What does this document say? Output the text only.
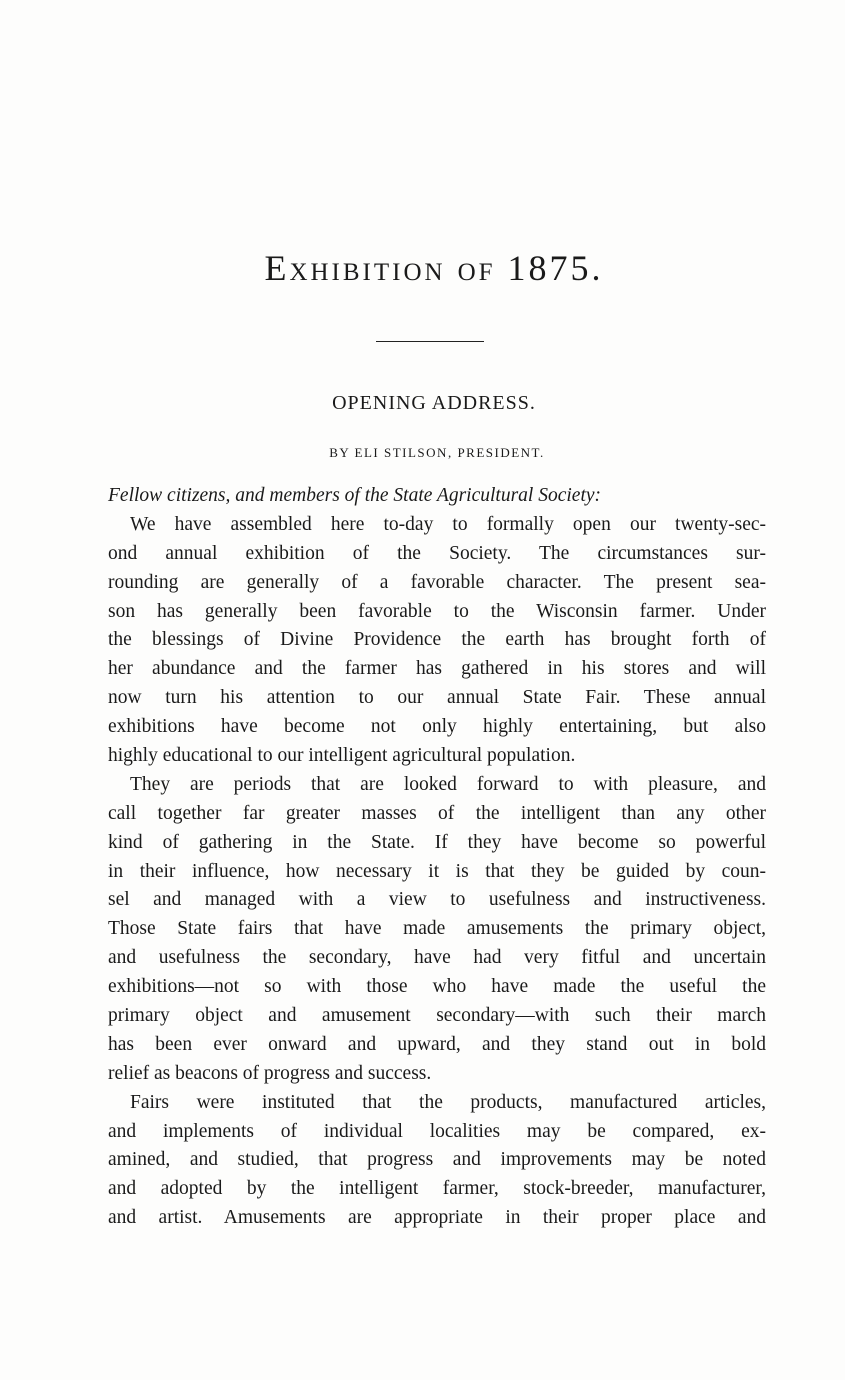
Exhibition of 1875.
OPENING ADDRESS.
BY ELI STILSON, PRESIDENT.
Fellow citizens, and members of the State Agricultural Society:
We have assembled here to-day to formally open our twenty-sec-
ond annual exhibition of the Society. The circumstances sur-
rounding are generally of a favorable character. The present sea-
son has generally been favorable to the Wisconsin farmer. Under
the blessings of Divine Providence the earth has brought forth of
her abundance and the farmer has gathered in his stores and will
now turn his attention to our annual State Fair. These annual
exhibitions have become not only highly entertaining, but also
highly educational to our intelligent agricultural population.
They are periods that are looked forward to with pleasure, and
call together far greater masses of the intelligent than any other
kind of gathering in the State. If they have become so powerful
in their influence, how necessary it is that they be guided by coun-
sel and managed with a view to usefulness and instructiveness.
Those State fairs that have made amusements the primary object,
and usefulness the secondary, have had very fitful and uncertain
exhibitions—not so with those who have made the useful the
primary object and amusement secondary—with such their march
has been ever onward and upward, and they stand out in bold
relief as beacons of progress and success.
Fairs were instituted that the products, manufactured articles,
and implements of individual localities may be compared, ex-
amined, and studied, that progress and improvements may be noted
and adopted by the intelligent farmer, stock-breeder, manufacturer,
and artist. Amusements are appropriate in their proper place and
